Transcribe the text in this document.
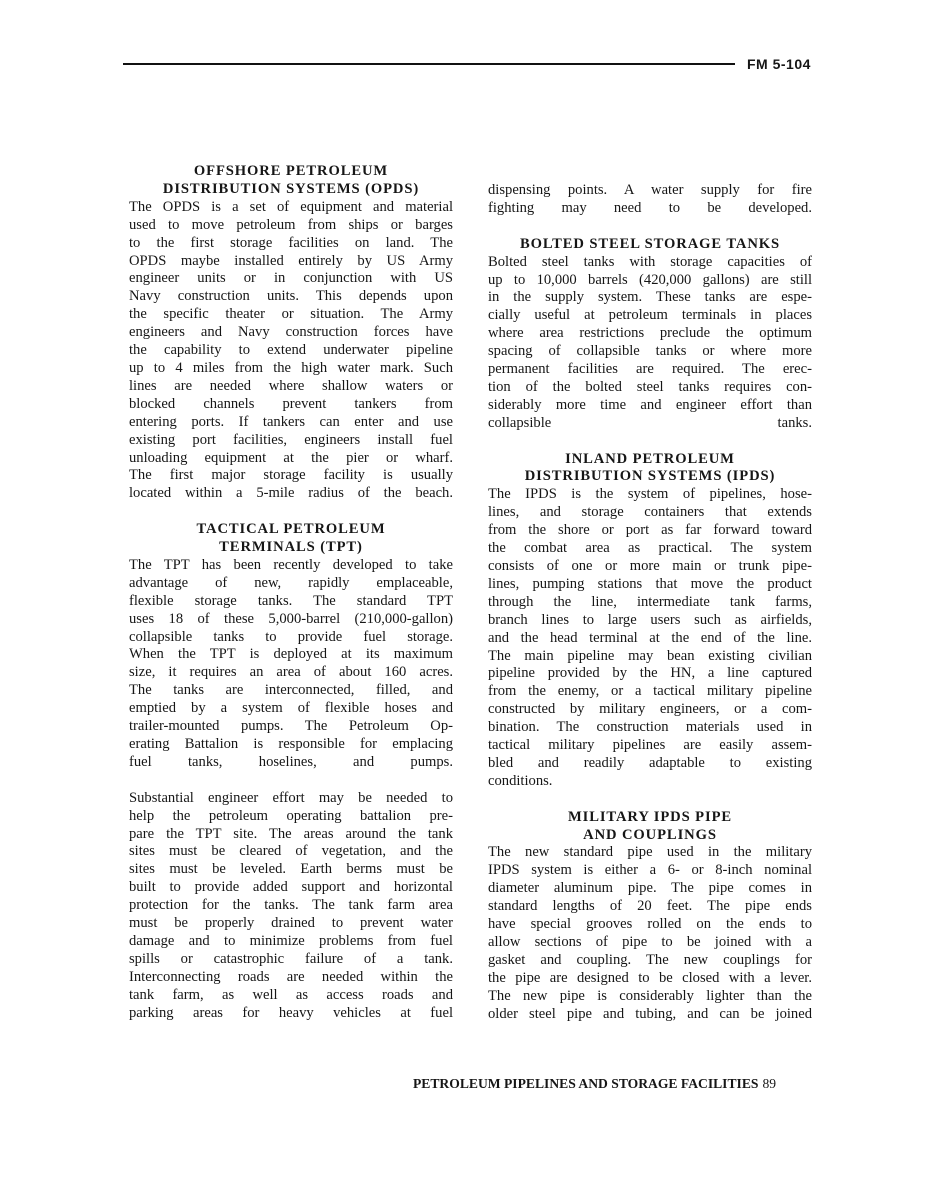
FM 5-104
OFFSHORE PETROLEUM
DISTRIBUTION SYSTEMS (OPDS)
The OPDS is a set of equipment and material
used to move petroleum from ships or barges
to the first storage facilities on land. The
OPDS maybe installed entirely by US Army
engineer units or in conjunction with US
Navy construction units. This depends upon
the specific theater or situation. The Army
engineers and Navy construction forces have
the capability to extend underwater pipeline
up to 4 miles from the high water mark. Such
lines are needed where shallow waters or
blocked channels prevent tankers from
entering ports. If tankers can enter and use
existing port facilities, engineers install fuel
unloading equipment at the pier or wharf.
The first major storage facility is usually
located within a 5-mile radius of the beach.
TACTICAL PETROLEUM
TERMINALS (TPT)
The TPT has been recently developed to take
advantage of new, rapidly emplaceable,
flexible storage tanks. The standard TPT
uses 18 of these 5,000-barrel (210,000-gallon)
collapsible tanks to provide fuel storage.
When the TPT is deployed at its maximum
size, it requires an area of about 160 acres.
The tanks are interconnected, filled, and
emptied by a system of flexible hoses and
trailer-mounted pumps. The Petroleum Op-
erating Battalion is responsible for emplacing
fuel tanks, hoselines, and pumps.
Substantial engineer effort may be needed to
help the petroleum operating battalion pre-
pare the TPT site. The areas around the tank
sites must be cleared of vegetation, and the
sites must be leveled. Earth berms must be
built to provide added support and horizontal
protection for the tanks. The tank farm area
must be properly drained to prevent water
damage and to minimize problems from fuel
spills or catastrophic failure of a tank.
Interconnecting roads are needed within the
tank farm, as well as access roads and
parking areas for heavy vehicles at fuel
dispensing points. A water supply for fire
fighting may need to be developed.
BOLTED STEEL STORAGE TANKS
Bolted steel tanks with storage capacities of
up to 10,000 barrels (420,000 gallons) are still
in the supply system. These tanks are espe-
cially useful at petroleum terminals in places
where area restrictions preclude the optimum
spacing of collapsible tanks or where more
permanent facilities are required. The erec-
tion of the bolted steel tanks requires con-
siderably more time and engineer effort than
collapsible tanks.
INLAND PETROLEUM
DISTRIBUTION SYSTEMS (IPDS)
The IPDS is the system of pipelines, hose-
lines, and storage containers that extends
from the shore or port as far forward toward
the combat area as practical. The system
consists of one or more main or trunk pipe-
lines, pumping stations that move the product
through the line, intermediate tank farms,
branch lines to large users such as airfields,
and the head terminal at the end of the line.
The main pipeline may bean existing civilian
pipeline provided by the HN, a line captured
from the enemy, or a tactical military pipeline
constructed by military engineers, or a com-
bination. The construction materials used in
tactical military pipelines are easily assem-
bled and readily adaptable to existing
conditions.
MILITARY IPDS PIPE
AND COUPLINGS
The new standard pipe used in the military
IPDS system is either a 6- or 8-inch nominal
diameter aluminum pipe. The pipe comes in
standard lengths of 20 feet. The pipe ends
have special grooves rolled on the ends to
allow sections of pipe to be joined with a
gasket and coupling. The new couplings for
the pipe are designed to be closed with a lever.
The new pipe is considerably lighter than the
older steel pipe and tubing, and can be joined
PETROLEUM PIPELINES AND STORAGE FACILITIES 89
